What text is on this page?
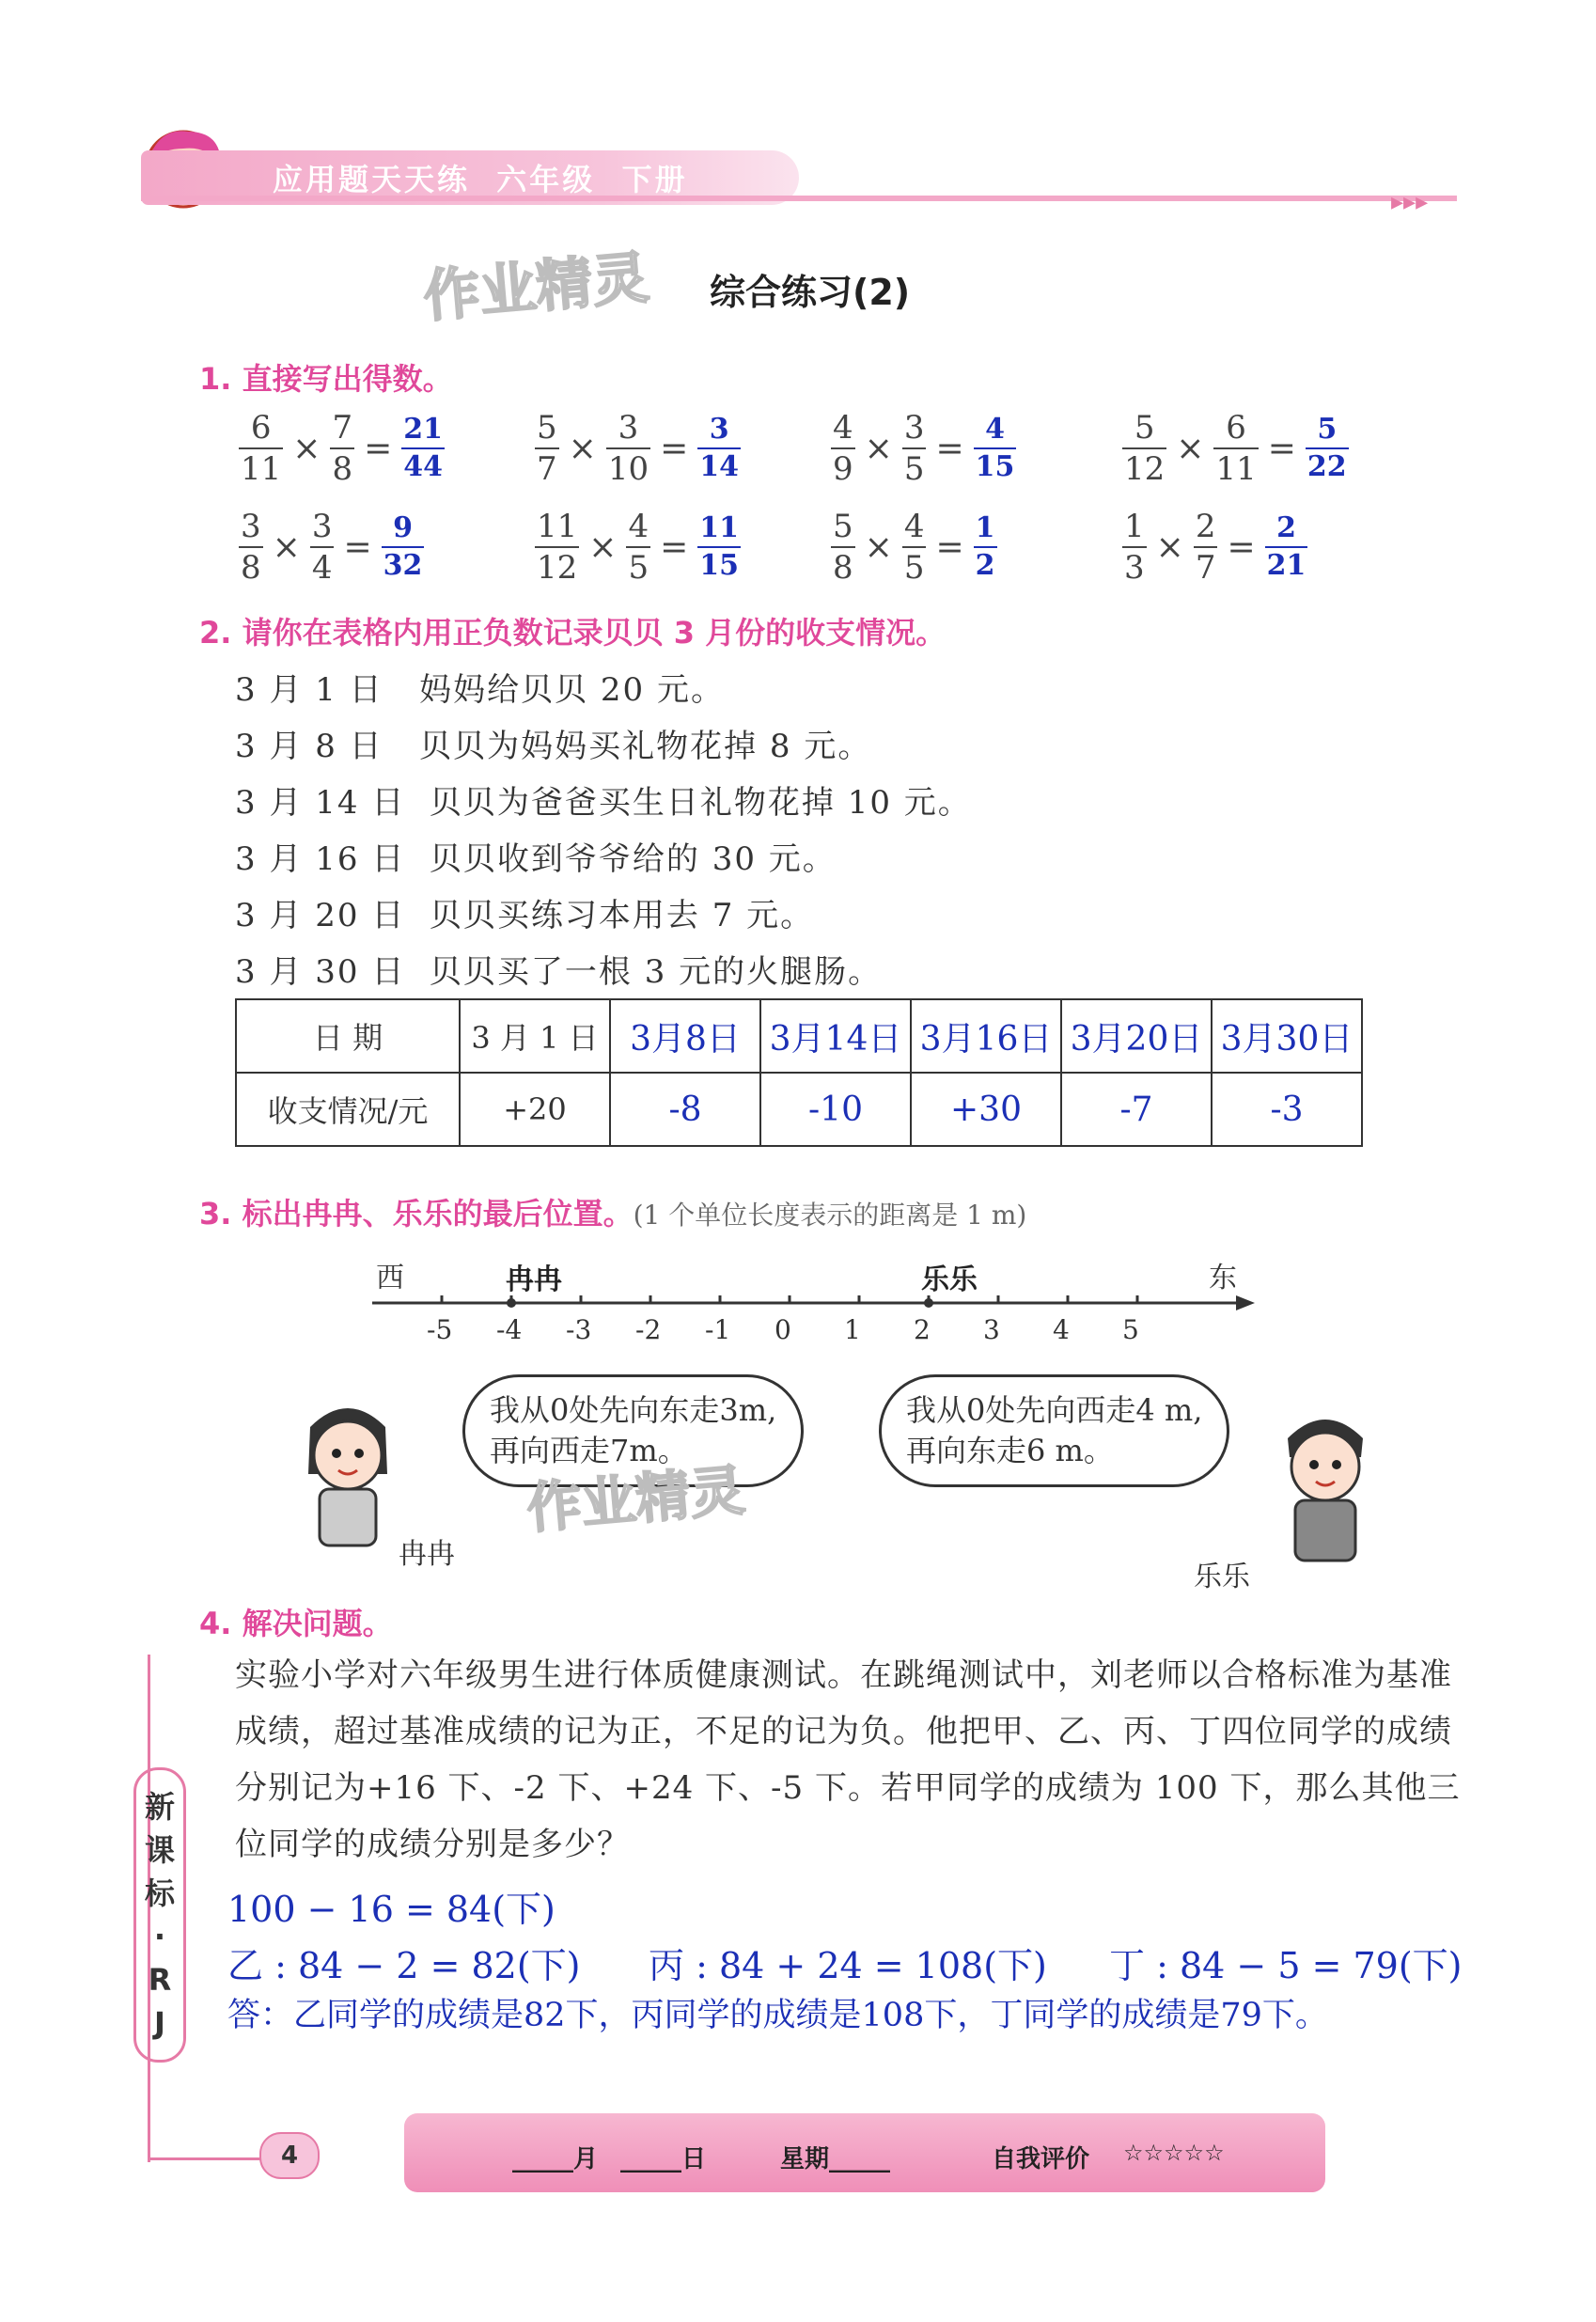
应用题天天练  六年级  下册
▸▸▸
作业精灵 综合练习(2)
1. 直接写出得数。
$\frac{6}{11} \times \frac{7}{8} = \frac{21}{44}$	$\frac{5}{7} \times \frac{3}{10} = \frac{3}{14}$	$\frac{4}{9} \times \frac{3}{5} = \frac{4}{15}$	$\frac{5}{12} \times \frac{6}{11} = \frac{5}{22}$
$\frac{3}{8} \times \frac{3}{4} = \frac{9}{32}$	$\frac{11}{12} \times \frac{4}{5} = \frac{11}{15}$	$\frac{5}{8} \times \frac{4}{5} = \frac{1}{2}$	$\frac{1}{3} \times \frac{2}{7} = \frac{2}{21}$
2. 请你在表格内用正负数记录贝贝 3 月份的收支情况。
3 月 1 日   妈妈给贝贝 20 元。
3 月 8 日   贝贝为妈妈买礼物花掉 8 元。
3 月 14 日  贝贝为爸爸买生日礼物花掉 10 元。
3 月 16 日  贝贝收到爷爷给的 30 元。
3 月 20 日  贝贝买练习本用去 7 元。
3 月 30 日  贝贝买了一根 3 元的火腿肠。
日 期	3 月 1 日	3月8日	3月14日	3月16日	3月20日	3月30日
收支情况/元	+20	-8	-10	+30	-7	-3
3. 标出冉冉、乐乐的最后位置。(1 个单位长度表示的距离是 1 m)
西	东
冉冉	乐乐
-5 -4 -3 -2 -1 0 1 2 3 4 5
我从0处先向东走3m,
再向西走7m。
我从0处先向西走4 m,
再向东走6 m。
作业精灵
冉冉
乐乐
4. 解决问题。
实验小学对六年级男生进行体质健康测试。在跳绳测试中，刘老师以合格标准为基准成绩，超过基准成绩的记为正，不足的记为负。他把甲、乙、丙、丁四位同学的成绩分别记为+16 下、-2 下、+24 下、-5 下。若甲同学的成绩为 100 下，那么其他三位同学的成绩分别是多少？
100 − 16 = 84(下)
乙 : 84 − 2 = 82(下) 丙 : 84 + 24 = 108(下) 丁 : 84 − 5 = 79(下)
答：乙同学的成绩是82下，丙同学的成绩是108下，丁同学的成绩是79下。
新
课
标
·
R
J
4	_____月 _____日	星期_____	自我评价 ☆☆☆☆☆
